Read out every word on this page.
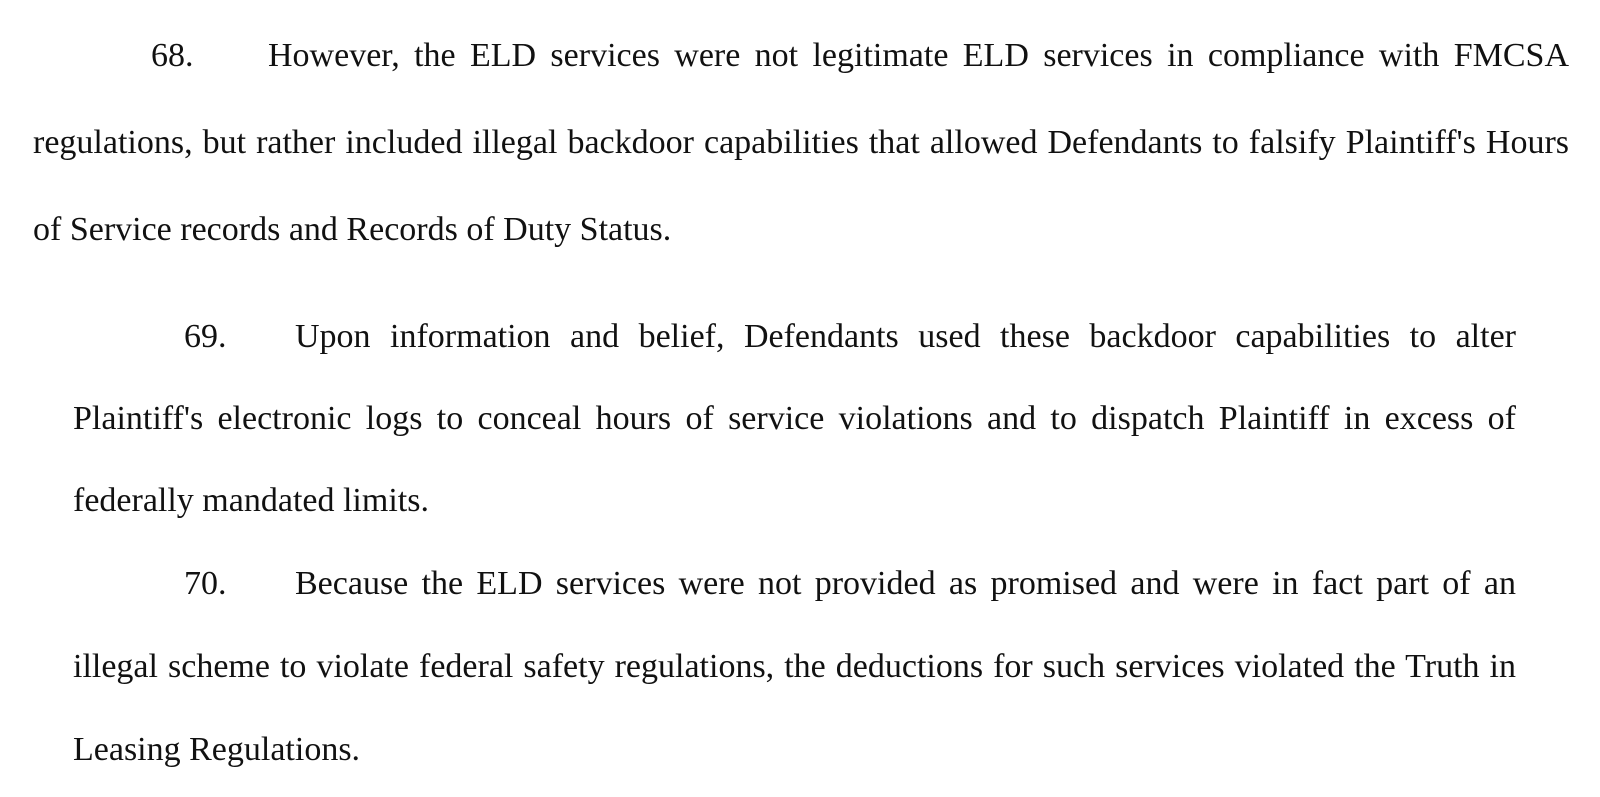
68. However, the ELD services were not legitimate ELD services in compliance with FMCSA regulations, but rather included illegal backdoor capabilities that allowed Defendants to falsify Plaintiff's Hours of Service records and Records of Duty Status.

69. Upon information and belief, Defendants used these backdoor capabilities to alter Plaintiff's electronic logs to conceal hours of service violations and to dispatch Plaintiff in excess of federally mandated limits.

70. Because the ELD services were not provided as promised and were in fact part of an illegal scheme to violate federal safety regulations, the deductions for such services violated the Truth in Leasing Regulations.
